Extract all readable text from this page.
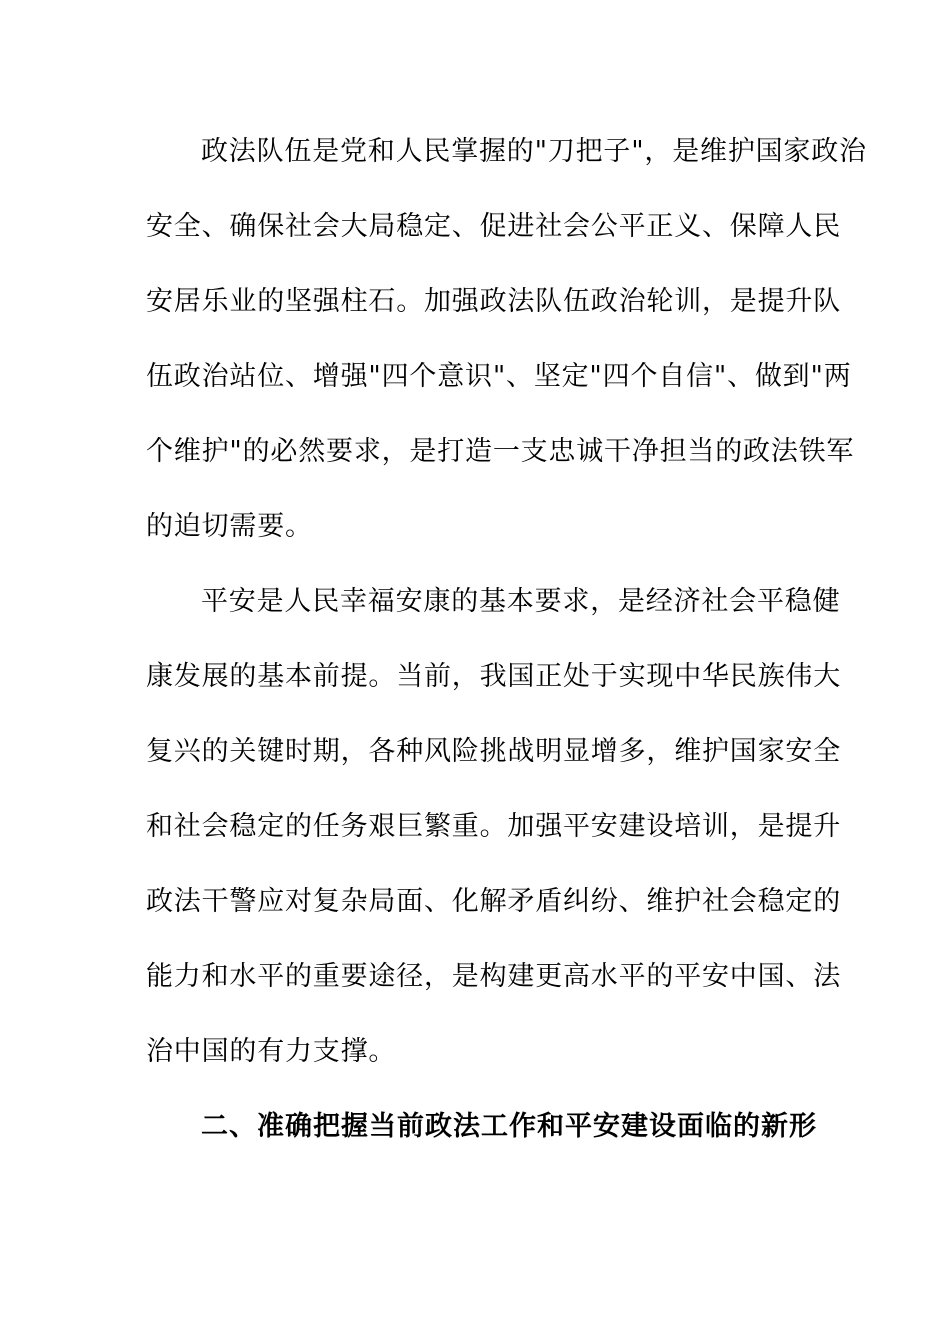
政法队伍是党和人民掌握的"刀把子"，是维护国家政治
安全、确保社会大局稳定、促进社会公平正义、保障人民
安居乐业的坚强柱石。加强政法队伍政治轮训，是提升队
伍政治站位、增强"四个意识"、坚定"四个自信"、做到"两
个维护"的必然要求，是打造一支忠诚干净担当的政法铁军
的迫切需要。
平安是人民幸福安康的基本要求，是经济社会平稳健
康发展的基本前提。当前，我国正处于实现中华民族伟大
复兴的关键时期，各种风险挑战明显增多，维护国家安全
和社会稳定的任务艰巨繁重。加强平安建设培训，是提升
政法干警应对复杂局面、化解矛盾纠纷、维护社会稳定的
能力和水平的重要途径，是构建更高水平的平安中国、法
治中国的有力支撑。
二、准确把握当前政法工作和平安建设面临的新形
